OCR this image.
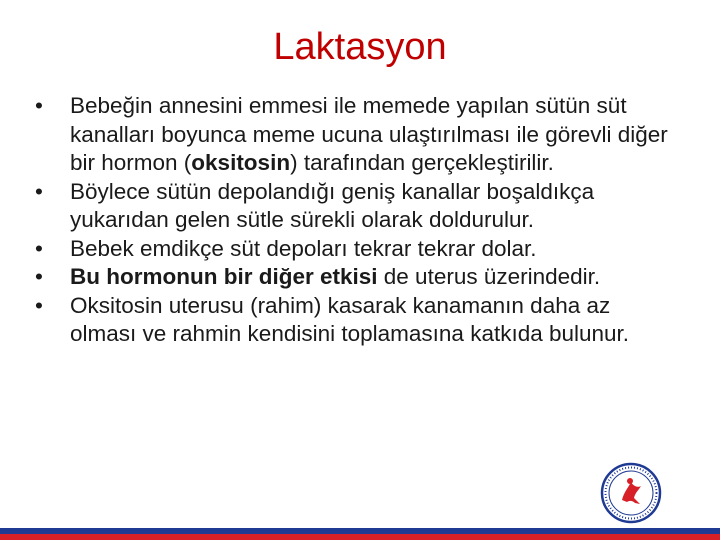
Laktasyon
• Bebeğin annesini emmesi ile memede yapılan sütün süt kanalları boyunca meme ucuna ulaştırılması ile görevli diğer bir hormon (oksitosin) tarafından gerçekleştirilir.
• Böylece sütün depolandığı geniş kanallar boşaldıkça yukarıdan gelen sütle sürekli olarak doldurulur.
• Bebek emdikçe süt depoları tekrar tekrar dolar.
• Bu hormonun bir diğer etkisi de uterus üzerindedir.
• Oksitosin uterusu (rahim) kasarak kanamanın daha az olması ve rahmin kendisini toplamasına katkıda bulunur.
